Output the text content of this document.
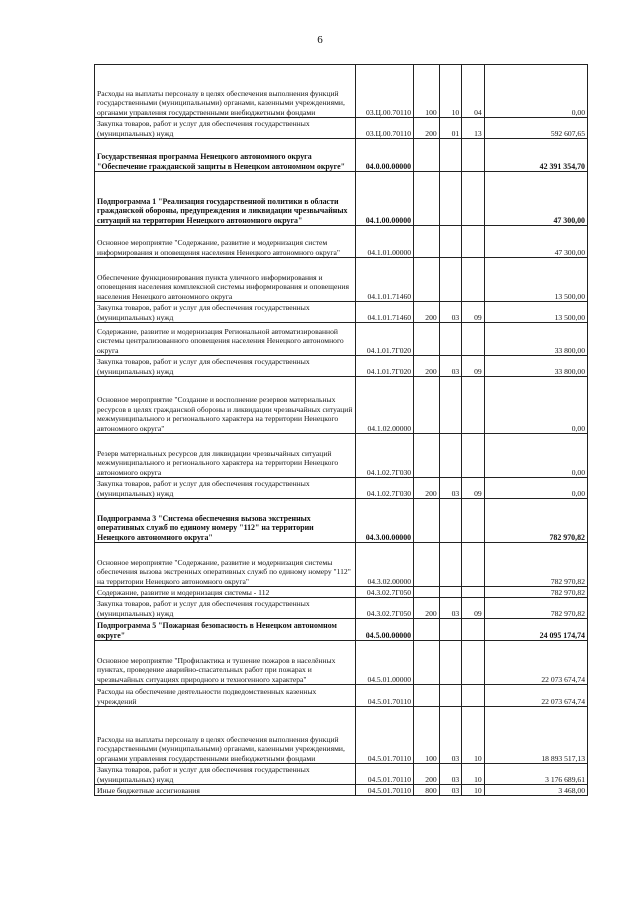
6
Расходы на выплаты персоналу в целях обеспечения выполнения функций государственными (муниципальными) органами, казенными учреждениями, органами управления государственными внебюджетными фондами	03.Ц.00.70110	100	10	04	0,00
Закупка товаров, работ и услуг для обеспечения государственных (муниципальных) нужд	03.Ц.00.70110	200	01	13	592 607,65
Государственная программа Ненецкого автономного округа "Обеспечение гражданской защиты в Ненецком автономном округе"	04.0.00.00000				42 391 354,70
Подпрограмма 1 "Реализация государственной политики в области гражданской обороны, предупреждения и ликвидации чрезвычайных ситуаций на территории Ненецкого автономного округа"	04.1.00.00000				47 300,00
Основное мероприятие "Содержание, развитие и модернизация систем информирования и оповещения населения Ненецкого автономного округа"	04.1.01.00000				47 300,00
Обеспечение функционирования пункта уличного информирования и оповещения населения комплексной системы информирования и оповещения населения Ненецкого автономного округа	04.1.01.71460				13 500,00
Закупка товаров, работ и услуг для обеспечения государственных (муниципальных) нужд	04.1.01.71460	200	03	09	13 500,00
Содержание, развитие и модернизация Региональной автоматизированной системы централизованного оповещения населения Ненецкого автономного округа	04.1.01.7Г020				33 800,00
Закупка товаров, работ и услуг для обеспечения государственных (муниципальных) нужд	04.1.01.7Г020	200	03	09	33 800,00
Основное мероприятие "Создание и восполнение резервов материальных ресурсов в целях гражданской обороны и ликвидации чрезвычайных ситуаций межмуниципального и регионального характера на территории Ненецкого автономного округа"	04.1.02.00000				0,00
Резерв материальных ресурсов для ликвидации чрезвычайных ситуаций межмуниципального и регионального характера на территории Ненецкого автономного округа	04.1.02.7Г030				0,00
Закупка товаров, работ и услуг для обеспечения государственных (муниципальных) нужд	04.1.02.7Г030	200	03	09	0,00
Подпрограмма 3 "Система обеспечения вызова экстренных оперативных служб по единому номеру "112" на территории Ненецкого автономного округа"	04.3.00.00000				782 970,82
Основное мероприятие "Содержание, развитие и модернизация системы обеспечения вызова экстренных оперативных служб по единому номеру "112" на территории Ненецкого автономного округа"	04.3.02.00000				782 970,82
Содержание, развитие и модернизация системы - 112	04.3.02.7Г050				782 970,82
Закупка товаров, работ и услуг для обеспечения государственных (муниципальных) нужд	04.3.02.7Г050	200	03	09	782 970,82
Подпрограмма 5 "Пожарная безопасность в Ненецком автономном округе"	04.5.00.00000				24 095 174,74
Основное мероприятие "Профилактика и тушение пожаров в населённых пунктах, проведение аварийно-спасательных работ при пожарах и чрезвычайных ситуациях природного и техногенного характера"	04.5.01.00000				22 073 674,74
Расходы на обеспечение деятельности подведомственных казенных учреждений	04.5.01.70110				22 073 674,74
Расходы на выплаты персоналу в целях обеспечения выполнения функций государственными (муниципальными) органами, казенными учреждениями, органами управления государственными внебюджетными фондами	04.5.01.70110	100	03	10	18 893 517,13
Закупка товаров, работ и услуг для обеспечения государственных (муниципальных) нужд	04.5.01.70110	200	03	10	3 176 689,61
Иные бюджетные ассигнования	04.5.01.70110	800	03	10	3 468,00
